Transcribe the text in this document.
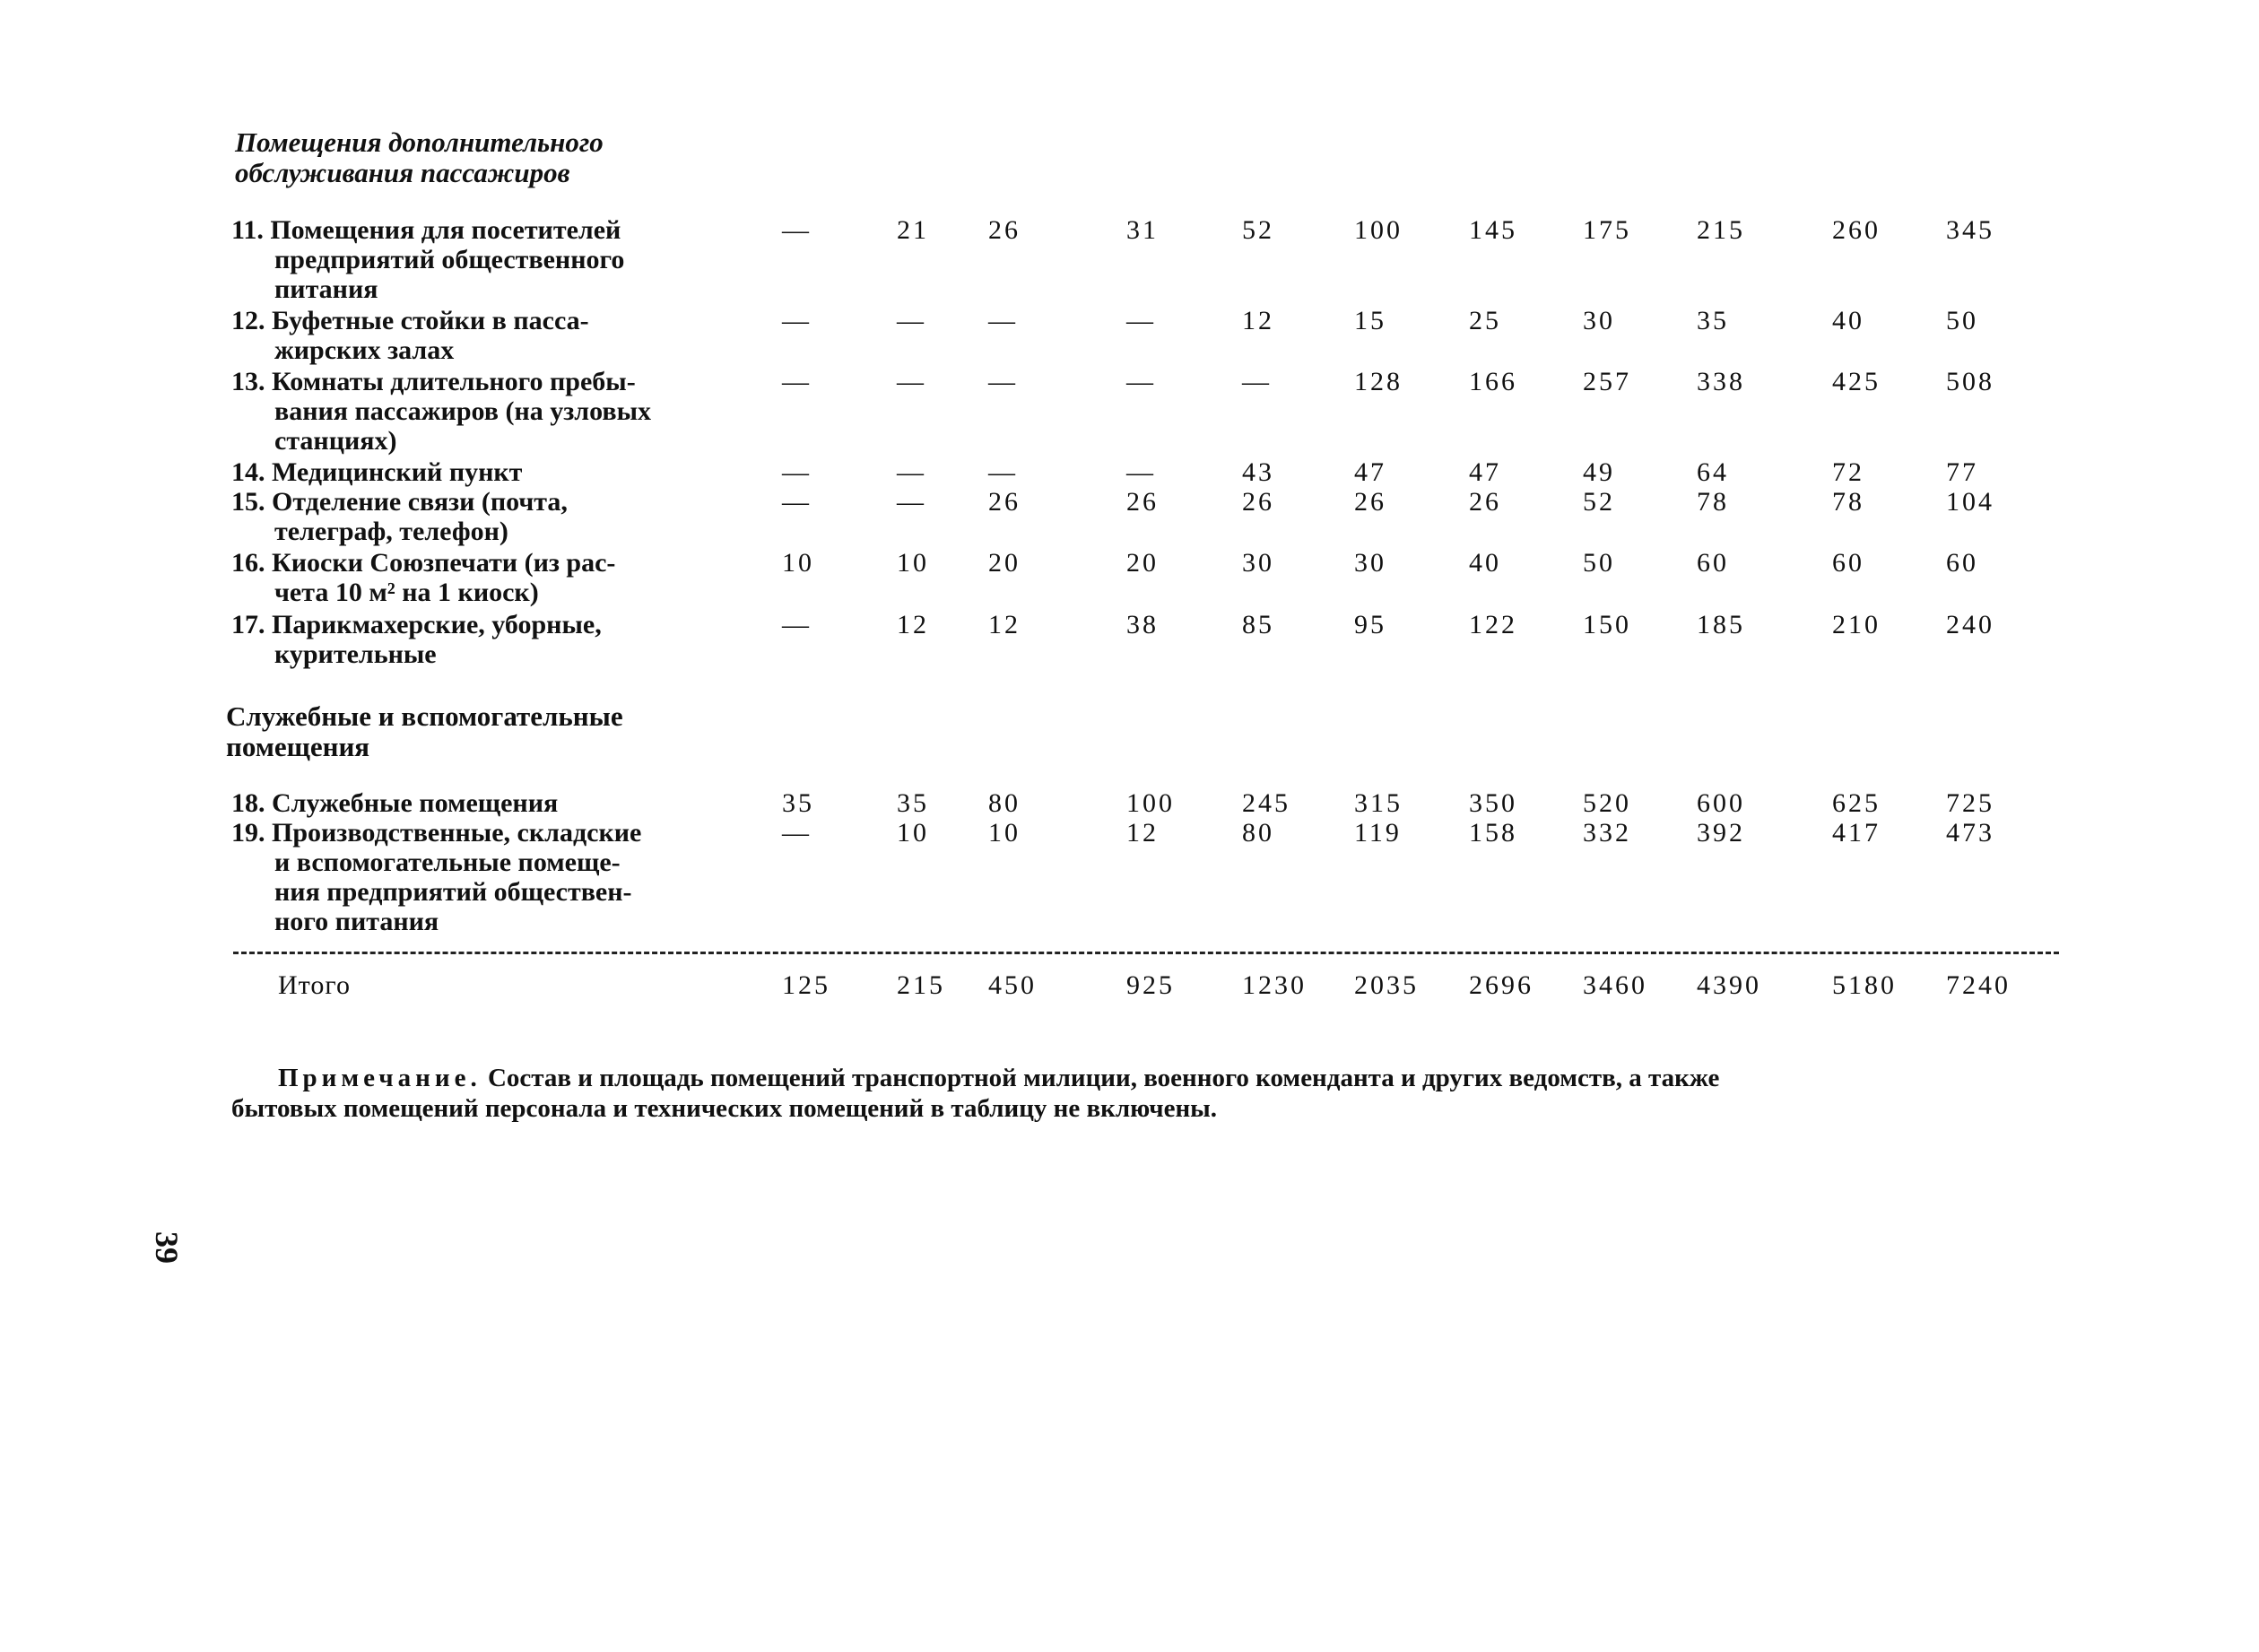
Помещения дополнительного
обслуживания пассажиров
11. Помещения для посетителей
предприятий общественного
питания
—	21 26	31	52	100 145 175 215	260 345
12. Буфетные стойки в пасса-
жирских залах
—	— —	—	12	15	25	30	35	40	50
13. Комнаты длительного пребы-
вания пассажиров (на узловых
станциях)
—	— —	—	—	128 166 257 338	425 508
14. Медицинский пункт	—	— —	—	43	47	47	49	64	72	77
15. Отделение связи (почта,
телеграф, телефон)
—	— 26	26	26	26	26	52	78	78	104
16. Киоски Союзпечати (из рас-
чета 10 м² на 1 киоск)
10	10 20	20	30	30	40	50	60	60	60
17. Парикмахерские, уборные,
курительные
—	12 12	38	85	95	122 150 185	210 240
Служебные и вспомогательные
помещения
18. Служебные помещения	35	35 80	100	245 315 350 520 600	625 725
19. Производственные, складские
и вспомогательные помеще-
ния предприятий обществен-
ного питания
—	10 10	12	80	119	158 332 392	417 473
Итого	125 215 450	925	1230 2035 2696 3460 4390	5180 7240
Примечание. Состав и площадь помещений транспортной милиции, военного коменданта и других ведомств, а также
бытовых помещений персонала и технических помещений в таблицу не включены.
39
